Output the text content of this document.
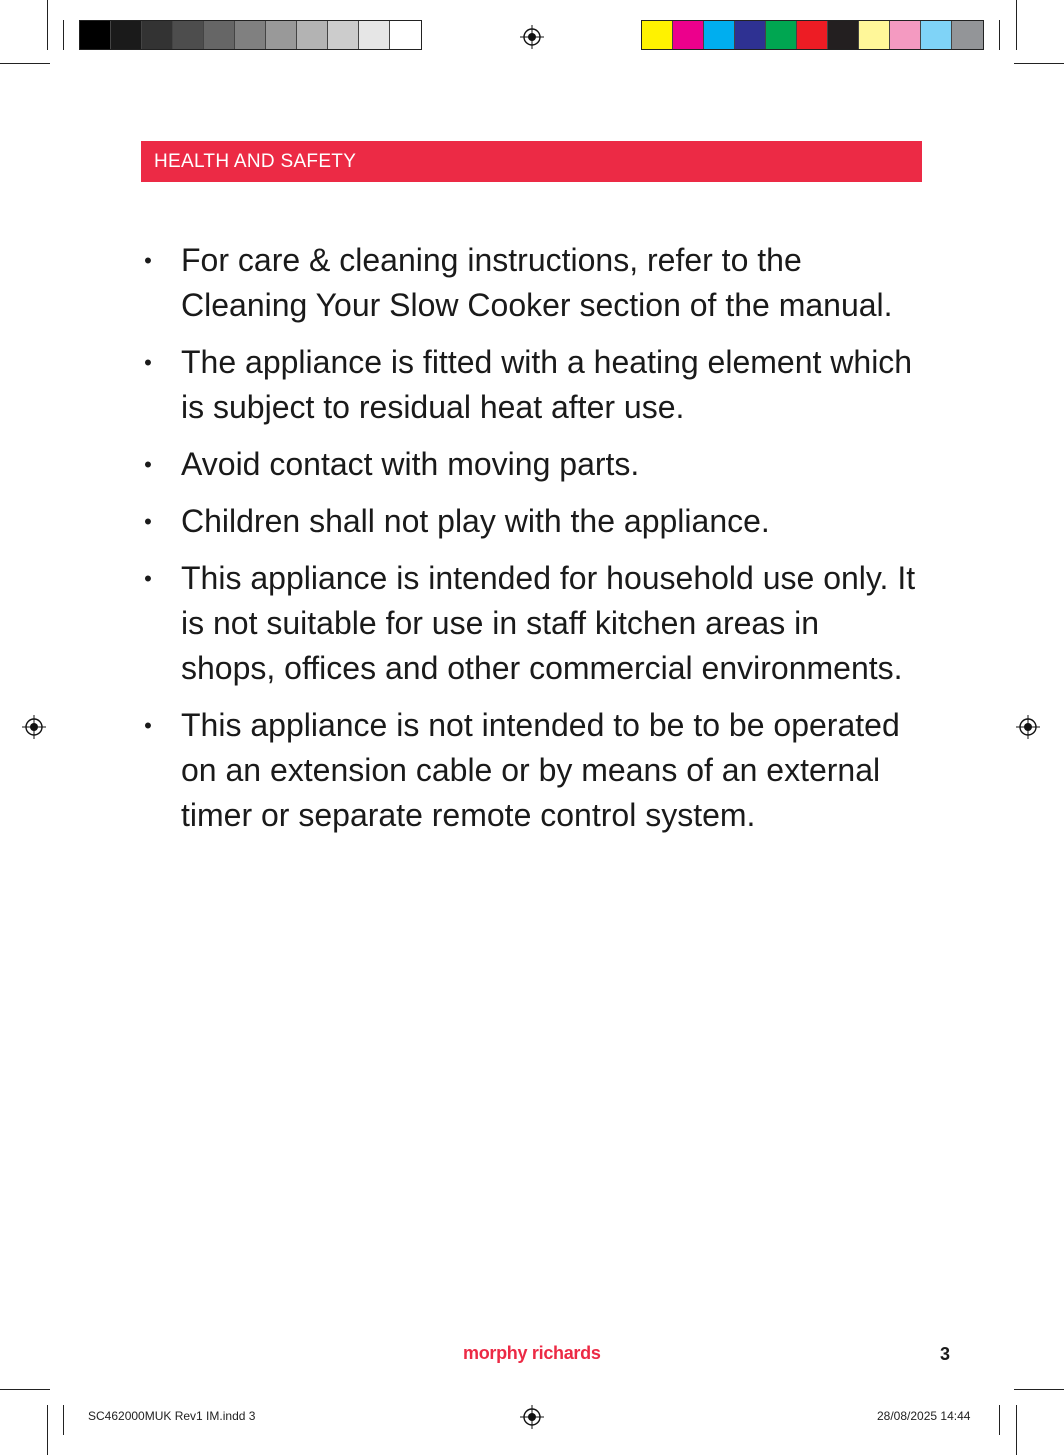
HEALTH AND SAFETY
• For care & cleaning instructions, refer to the Cleaning Your Slow Cooker section of the manual.
• The appliance is fitted with a heating element which is subject to residual heat after use.
• Avoid contact with moving parts.
• Children shall not play with the appliance.
• This appliance is intended for household use only. It is not suitable for use in staff kitchen areas in shops, offices and other commercial environments.
• This appliance is not intended to be to be operated on an extension cable or by means of an external timer or separate remote control system.
morphy richards	3
SC462000MUK Rev1 IM.indd 3	28/08/2025 14:44
